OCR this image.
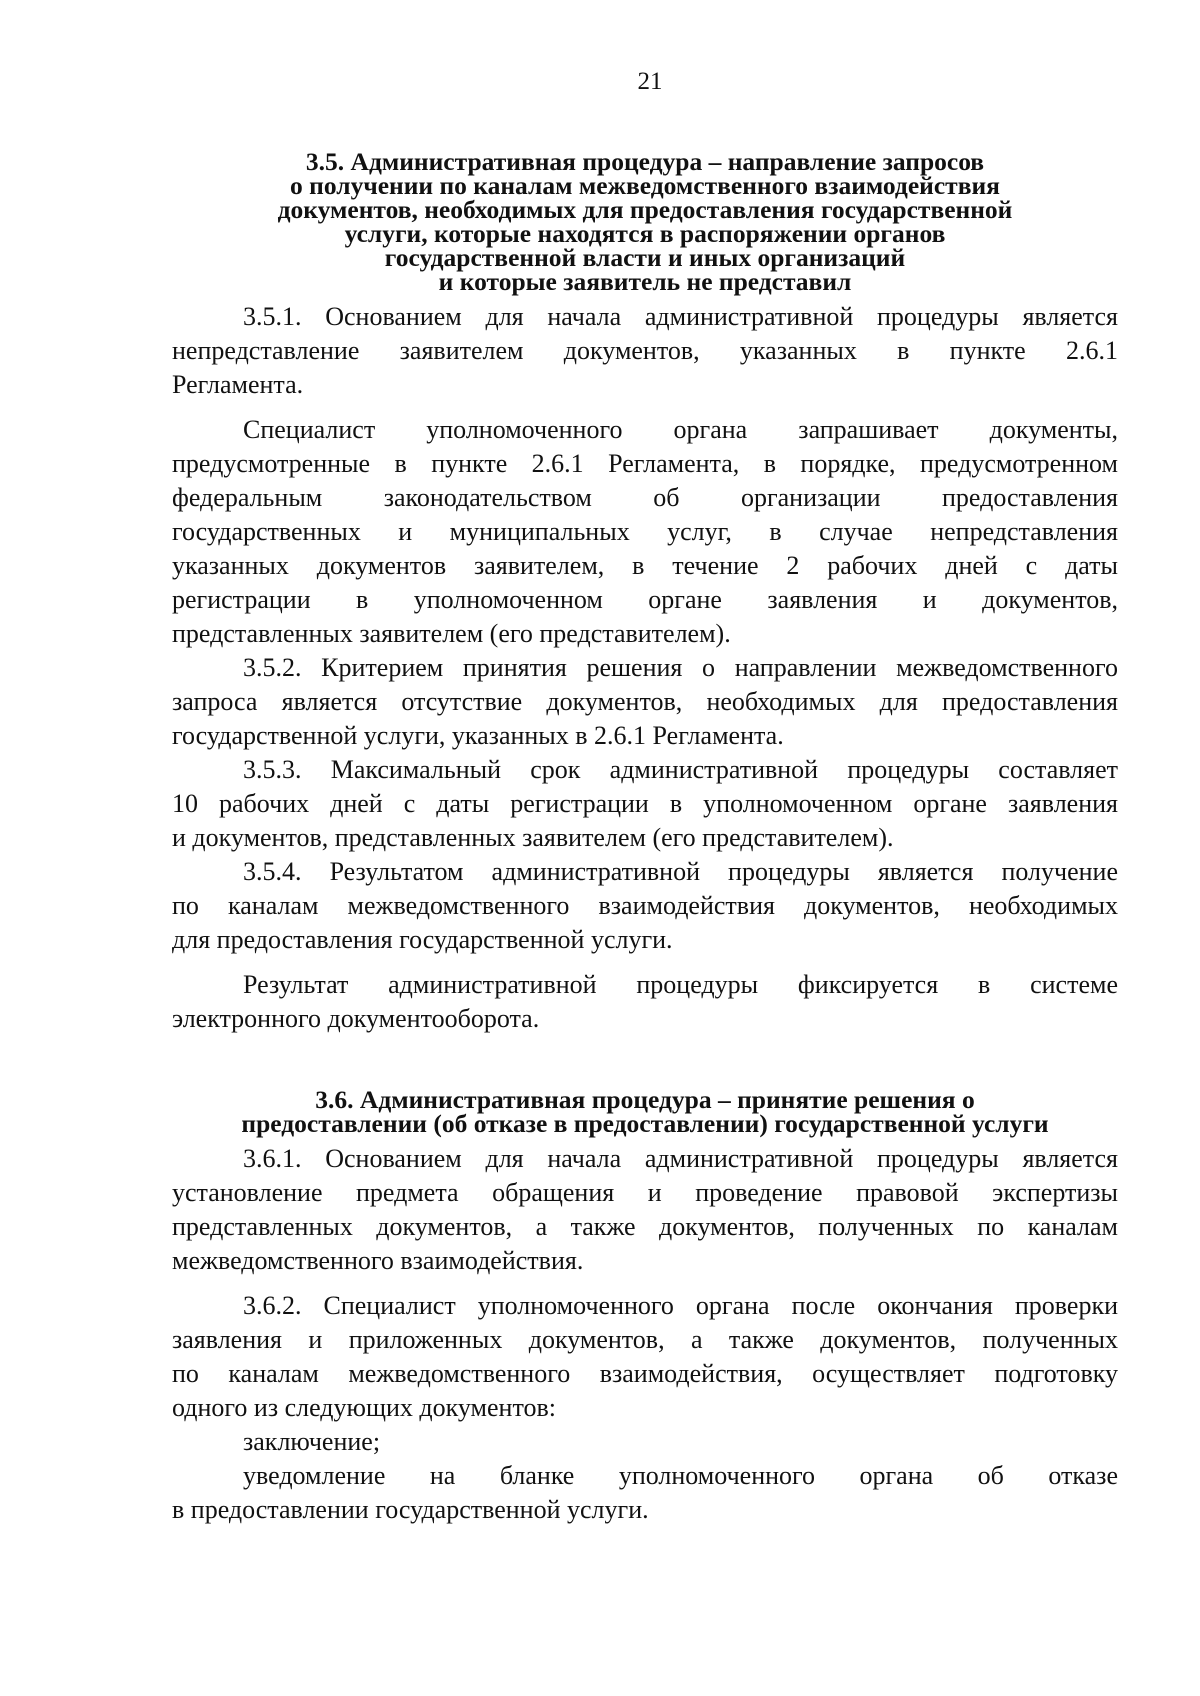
21
3.5. Административная процедура – направление запросов
о получении по каналам межведомственного взаимодействия
документов, необходимых для предоставления государственной
услуги, которые находятся в распоряжении органов
государственной власти и иных организаций
и которые заявитель не представил
3.5.1. Основанием для начала административной процедуры является
непредставление заявителем документов, указанных в пункте 2.6.1
Регламента.
Специалист уполномоченного органа запрашивает документы,
предусмотренные в пункте 2.6.1 Регламента, в порядке, предусмотренном
федеральным законодательством об организации предоставления
государственных и муниципальных услуг, в случае непредставления
указанных документов заявителем, в течение 2 рабочих дней с даты
регистрации в уполномоченном органе заявления и документов,
представленных заявителем (его представителем).
3.5.2. Критерием принятия решения о направлении межведомственного
запроса является отсутствие документов, необходимых для предоставления
государственной услуги, указанных в 2.6.1 Регламента.
3.5.3. Максимальный срок административной процедуры составляет
10 рабочих дней с даты регистрации в уполномоченном органе заявления
и документов, представленных заявителем (его представителем).
3.5.4. Результатом административной процедуры является получение
по каналам межведомственного взаимодействия документов, необходимых
для предоставления государственной услуги.
Результат административной процедуры фиксируется в системе
электронного документооборота.
3.6. Административная процедура – принятие решения о
предоставлении (об отказе в предоставлении) государственной услуги
3.6.1. Основанием для начала административной процедуры является
установление предмета обращения и проведение правовой экспертизы
представленных документов, а также документов, полученных по каналам
межведомственного взаимодействия.
3.6.2. Специалист уполномоченного органа после окончания проверки
заявления и приложенных документов, а также документов, полученных
по каналам межведомственного взаимодействия, осуществляет подготовку
одного из следующих документов:
заключение;
уведомление на бланке уполномоченного органа об отказе
в предоставлении государственной услуги.
